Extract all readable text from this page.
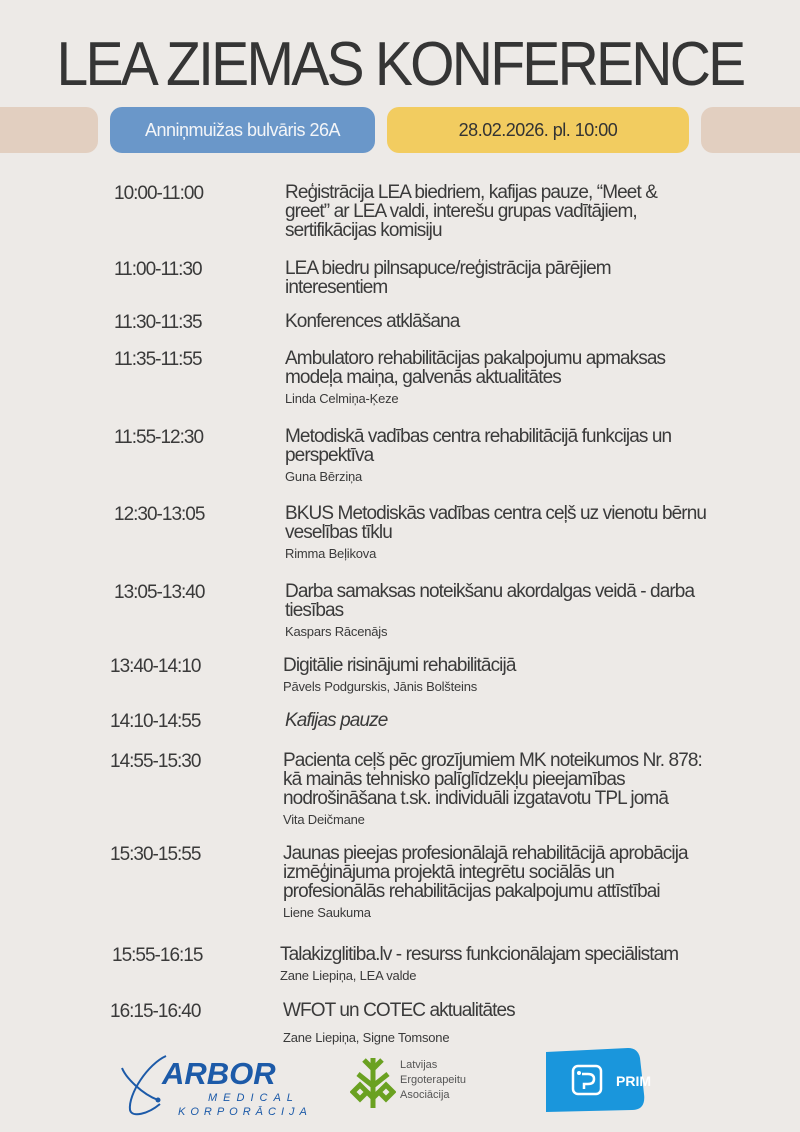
LEA ZIEMAS KONFERENCE
Anniņmuižas bulvāris 26A	28.02.2026. pl. 10:00
10:00-11:00	Reģistrācija LEA biedriem, kafijas pauze, “Meet &
greet” ar LEA valdi, interešu grupas vadītājiem,
sertifikācijas komisiju
11:00-11:30	LEA biedru pilnsapuce/reģistrācija pārējiem
interesentiem
11:30-11:35	Konferences atklāšana
11:35-11:55	Ambulatoro rehabilitācijas pakalpojumu apmaksas
modeļa maiņa, galvenās aktualitātes
Linda Celmiņa-Ķeze
11:55-12:30	Metodiskā vadības centra rehabilitācijā funkcijas un
perspektīva
Guna Bērziņa
12:30-13:05	BKUS Metodiskās vadības centra ceļš uz vienotu bērnu
veselības tīklu
Rimma Beļikova
13:05-13:40	Darba samaksas noteikšanu akordalgas veidā - darba
tiesības
Kaspars Rācenājs
13:40-14:10	Digitālie risinājumi rehabilitācijā
Pāvels Podgurskis, Jānis Bolšteins
14:10-14:55	Kafijas pauze
14:55-15:30	Pacienta ceļš pēc grozījumiem MK noteikumos Nr. 878:
kā mainās tehnisko palīglīdzekļu pieejamības
nodrošināšana t.sk. individuāli izgatavotu TPL jomā
Vita Deičmane
15:30-15:55	Jaunas pieejas profesionālajā rehabilitācijā aprobācija
izmēģinājuma projektā integrētu sociālās un
profesionālās rehabilitācijas pakalpojumu attīstībai
Liene Saukuma
15:55-16:15	Talakizglitiba.lv - resurss funkcionālajam speciālistam
Zane Liepiņa, LEA valde
16:15-16:40	WFOT un COTEC aktualitātes
Zane Liepiņa, Signe Tomsone
ARBOR
MEDICAL
KORPORĀCIJA
Latvijas
Ergoterapeitu
Asociācija
PRIM
